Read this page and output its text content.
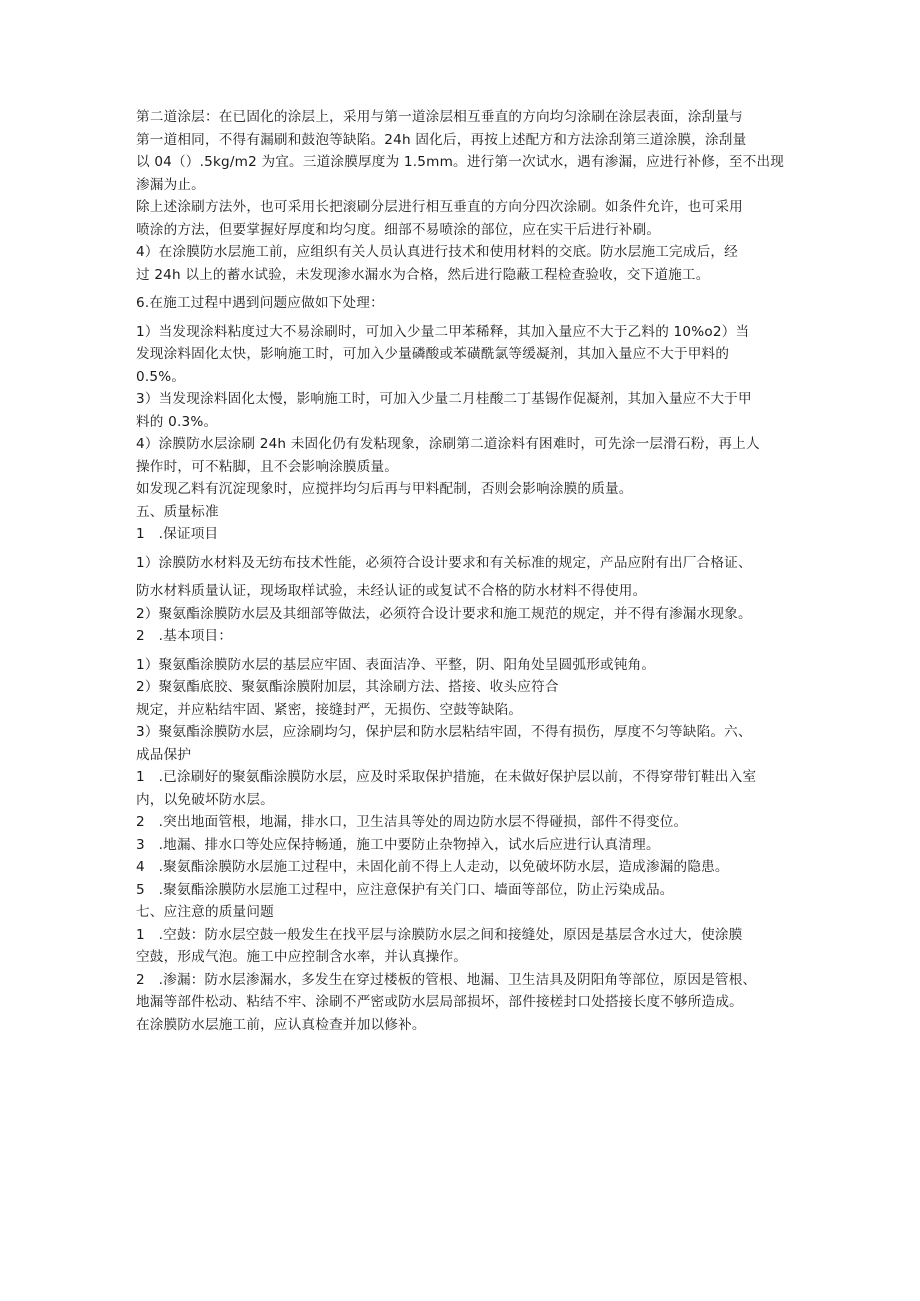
第二道涂层：在已固化的涂层上，采用与第一道涂层相互垂直的方向均匀涂刷在涂层表面，涂刮量与
第一道相同，不得有漏刷和鼓泡等缺陷。24h 固化后，再按上述配方和方法涂刮第三道涂膜，涂刮量
以 04（）.5kg/m2 为宜。三道涂膜厚度为 1.5mm。进行第一次试水，遇有渗漏，应进行补修，至不出现
渗漏为止。
除上述涂刷方法外，也可采用长把滚刷分层进行相互垂直的方向分四次涂刷。如条件允许，也可采用
喷涂的方法，但要掌握好厚度和均匀度。细部不易喷涂的部位，应在实干后进行补刷。
4）在涂膜防水层施工前，应组织有关人员认真进行技术和使用材料的交底。防水层施工完成后，经
过 24h 以上的蓄水试验，未发现渗水漏水为合格，然后进行隐蔽工程检查验收，交下道施工。
6.在施工过程中遇到问题应做如下处理：
1）当发现涂料粘度过大不易涂刷时，可加入少量二甲苯稀释，其加入量应不大于乙料的 10%o2）当
发现涂料固化太快，影响施工时，可加入少量磷酸或苯磺酰氯等缓凝剂，其加入量应不大于甲料的
0.5%。
3）当发现涂料固化太慢，影响施工时，可加入少量二月桂酸二丁基锡作促凝剂，其加入量应不大于甲
料的 0.3%。
4）涂膜防水层涂刷 24h 未固化仍有发粘现象，涂刷第二道涂料有困难时，可先涂一层滑石粉，再上人
操作时，可不粘脚，且不会影响涂膜质量。
如发现乙料有沉淀现象时，应搅拌均匀后再与甲料配制，否则会影响涂膜的质量。
五、质量标准
1　.保证项目
1）涂膜防水材料及无纺布技术性能，必须符合设计要求和有关标准的规定，产品应附有出厂合格证、
防水材料质量认证，现场取样试验，未经认证的或复试不合格的防水材料不得使用。
2）聚氨酯涂膜防水层及其细部等做法，必须符合设计要求和施工规范的规定，并不得有渗漏水现象。
2　.基本项目：
1）聚氨酯涂膜防水层的基层应牢固、表面洁净、平整，阴、阳角处呈圆弧形或钝角。
2）聚氨酯底胶、聚氨酯涂膜附加层，其涂刷方法、搭接、收头应符合
规定，并应粘结牢固、紧密，接缝封严，无损伤、空鼓等缺陷。
3）聚氨酯涂膜防水层，应涂刷均匀，保护层和防水层粘结牢固，不得有损伤，厚度不匀等缺陷。六、
成品保护
1　.已涂刷好的聚氨酯涂膜防水层，应及时采取保护措施，在未做好保护层以前，不得穿带钉鞋出入室
内，以免破坏防水层。
2　.突出地面管根，地漏，排水口，卫生洁具等处的周边防水层不得碰损，部件不得变位。
3　.地漏、排水口等处应保持畅通，施工中要防止杂物掉入，试水后应进行认真清理。
4　.聚氨酯涂膜防水层施工过程中，未固化前不得上人走动，以免破坏防水层，造成渗漏的隐患。
5　.聚氨酯涂膜防水层施工过程中，应注意保护有关门口、墙面等部位，防止污染成品。
七、应注意的质量问题
1　.空鼓：防水层空鼓一般发生在找平层与涂膜防水层之间和接缝处，原因是基层含水过大，使涂膜
空鼓，形成气泡。施工中应控制含水率，并认真操作。
2　.渗漏：防水层渗漏水，多发生在穿过楼板的管根、地漏、卫生洁具及阴阳角等部位，原因是管根、
地漏等部件松动、粘结不牢、涂刷不严密或防水层局部损坏，部件接槎封口处搭接长度不够所造成。
在涂膜防水层施工前，应认真检查并加以修补。
